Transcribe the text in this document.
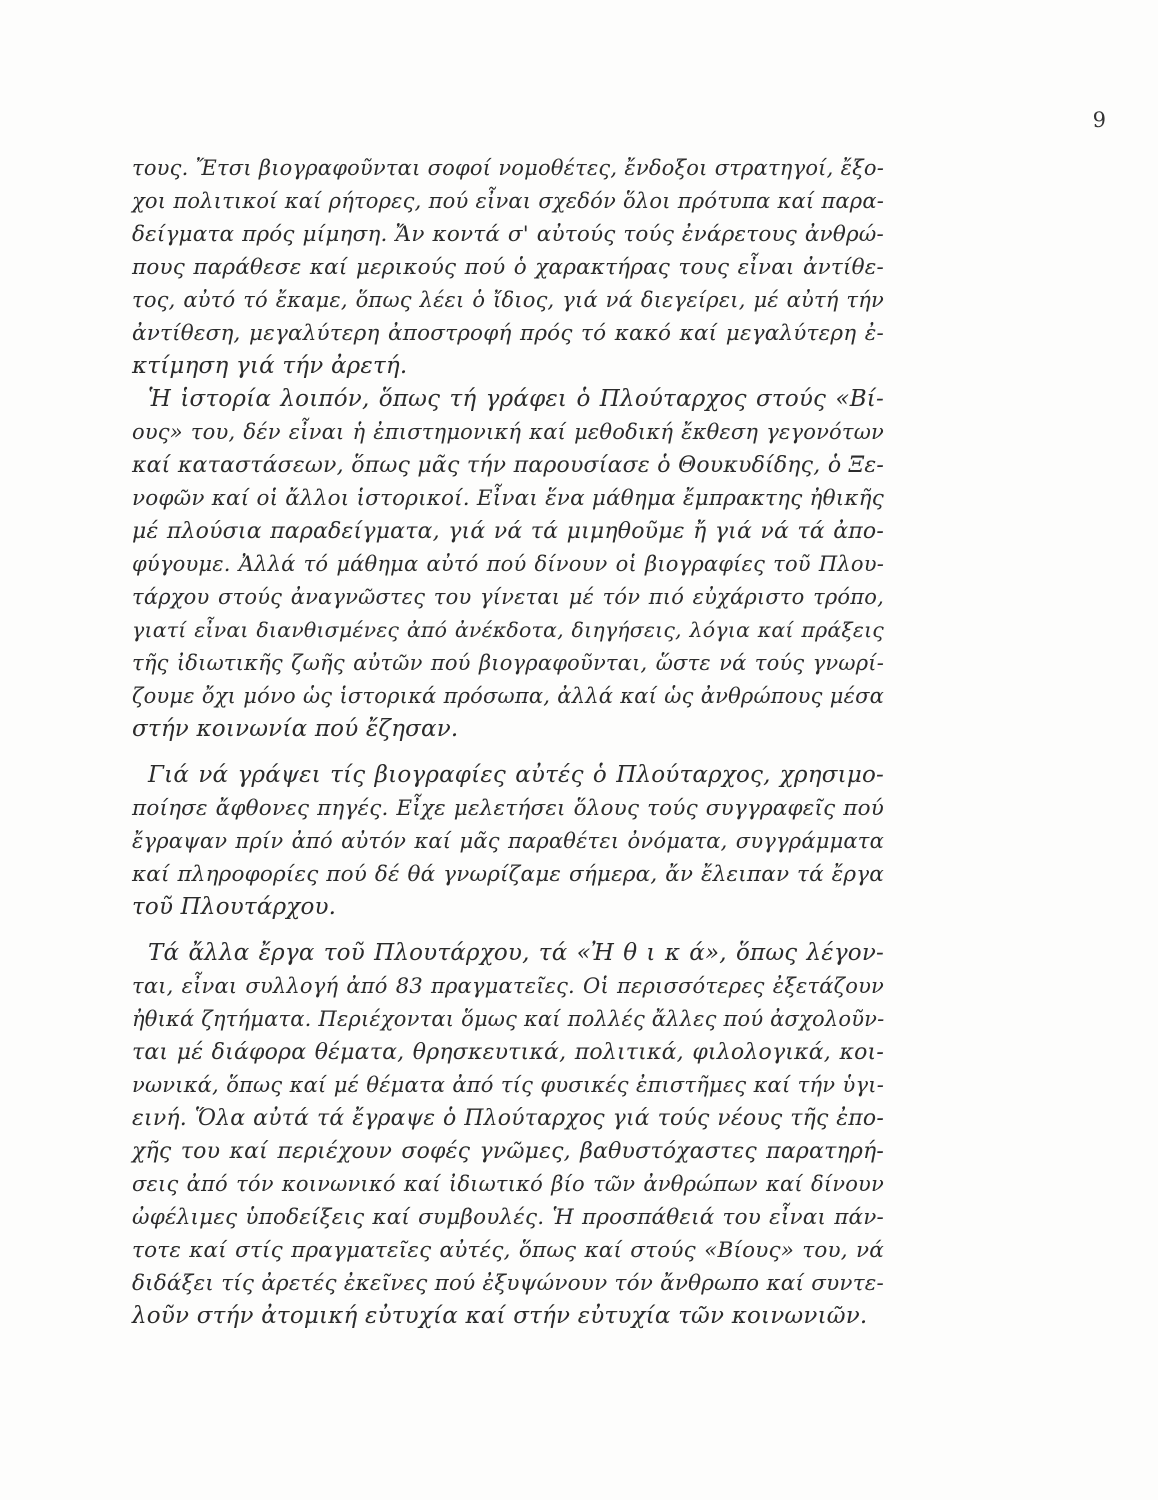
9
τους. Ἔτσι βιογραφοῦνται σοφοί νομοθέτες, ἔνδοξοι στρατηγοί, ἔξο-
χοι πολιτικοί καί ρήτορες, πού εἶναι σχεδόν ὅλοι πρότυπα καί παρα-
δείγματα πρός μίμηση. Ἄν κοντά σ' αὐτούς τούς ἐνάρετους ἀνθρώ-
πους παράθεσε καί μερικούς πού ὁ χαρακτήρας τους εἶναι ἀντίθε-
τος, αὐτό τό ἔκαμε, ὅπως λέει ὁ ἴδιος, γιά νά διεγείρει, μέ αὐτή τήν
ἀντίθεση, μεγαλύτερη ἀποστροφή πρός τό κακό καί μεγαλύτερη ἐ-
κτίμηση γιά τήν ἀρετή.
Ἡ ἱστορία λοιπόν, ὅπως τή γράφει ὁ Πλούταρχος στούς «Βί-
ους» του, δέν εἶναι ἡ ἐπιστημονική καί μεθοδική ἔκθεση γεγονότων
καί καταστάσεων, ὅπως μᾶς τήν παρουσίασε ὁ Θουκυδίδης, ὁ Ξε-
νοφῶν καί οἱ ἄλλοι ἱστορικοί. Εἶναι ἕνα μάθημα ἔμπρακτης ἠθικῆς
μέ πλούσια παραδείγματα, γιά νά τά μιμηθοῦμε ἤ γιά νά τά ἀπο-
φύγουμε. Ἀλλά τό μάθημα αὐτό πού δίνουν οἱ βιογραφίες τοῦ Πλου-
τάρχου στούς ἀναγνῶστες του γίνεται μέ τόν πιό εὐχάριστο τρόπο,
γιατί εἶναι διανθισμένες ἀπό ἀνέκδοτα, διηγήσεις, λόγια καί πράξεις
τῆς ἰδιωτικῆς ζωῆς αὐτῶν πού βιογραφοῦνται, ὥστε νά τούς γνωρί-
ζουμε ὄχι μόνο ὡς ἱστορικά πρόσωπα, ἀλλά καί ὡς ἀνθρώπους μέσα
στήν κοινωνία πού ἔζησαν.
Γιά νά γράψει τίς βιογραφίες αὐτές ὁ Πλούταρχος, χρησιμο-
ποίησε ἄφθονες πηγές. Εἶχε μελετήσει ὅλους τούς συγγραφεῖς πού
ἔγραψαν πρίν ἀπό αὐτόν καί μᾶς παραθέτει ὀνόματα, συγγράμματα
καί πληροφορίες πού δέ θά γνωρίζαμε σήμερα, ἄν ἔλειπαν τά ἔργα
τοῦ Πλουτάρχου.
Τά ἄλλα ἔργα τοῦ Πλουτάρχου, τά «Ἠ θ ι κ ά», ὅπως λέγον-
ται, εἶναι συλλογή ἀπό 83 πραγματεῖες. Οἱ περισσότερες ἐξετάζουν
ἠθικά ζητήματα. Περιέχονται ὅμως καί πολλές ἄλλες πού ἀσχολοῦν-
ται μέ διάφορα θέματα, θρησκευτικά, πολιτικά, φιλολογικά, κοι-
νωνικά, ὅπως καί μέ θέματα ἀπό τίς φυσικές ἐπιστῆμες καί τήν ὑγι-
εινή. Ὅλα αὐτά τά ἔγραψε ὁ Πλούταρχος γιά τούς νέους τῆς ἐπο-
χῆς του καί περιέχουν σοφές γνῶμες, βαθυστόχαστες παρατηρή-
σεις ἀπό τόν κοινωνικό καί ἰδιωτικό βίο τῶν ἀνθρώπων καί δίνουν
ὠφέλιμες ὑποδείξεις καί συμβουλές. Ἡ προσπάθειά του εἶναι πάν-
τοτε καί στίς πραγματεῖες αὐτές, ὅπως καί στούς «Βίους» του, νά
διδάξει τίς ἀρετές ἐκεῖνες πού ἐξυψώνουν τόν ἄνθρωπο καί συντε-
λοῦν στήν ἀτομική εὐτυχία καί στήν εὐτυχία τῶν κοινωνιῶν.
